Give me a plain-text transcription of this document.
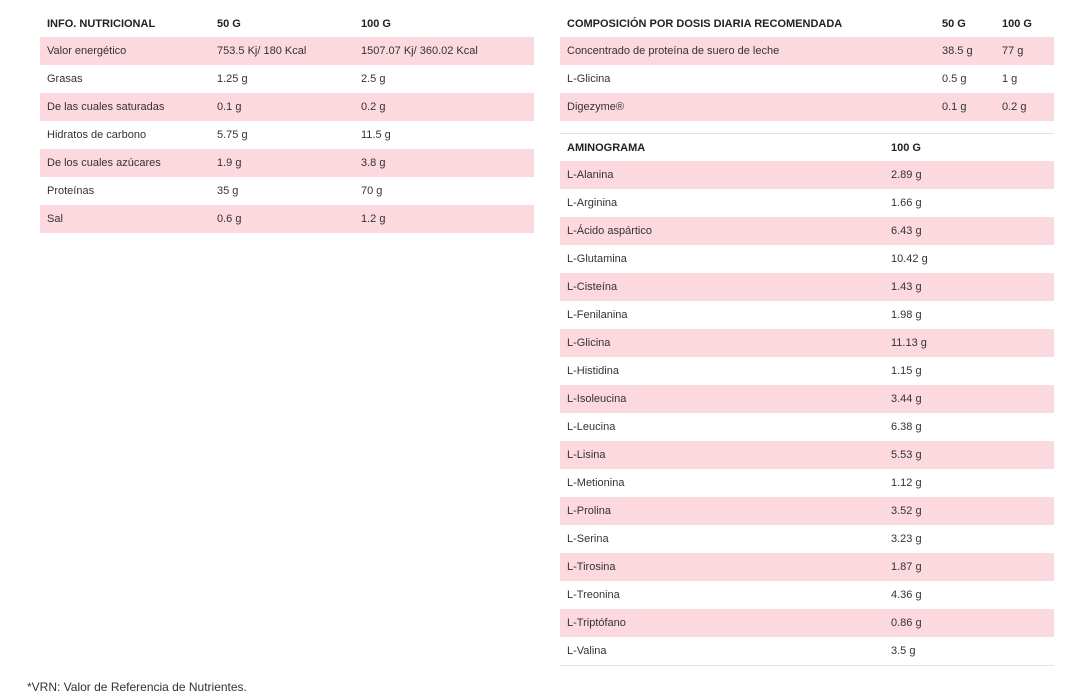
INFO. NUTRICIONAL	50 G	100 G
Valor energético	753.5 Kj/ 180 Kcal	1507.07 Kj/ 360.02 Kcal
Grasas	1.25 g	2.5 g
De las cuales saturadas	0.1 g	0.2 g
Hidratos de carbono	5.75 g	11.5 g
De los cuales azúcares	1.9 g	3.8 g
Proteínas	35 g	70 g
Sal	0.6 g	1.2 g
COMPOSICIÓN POR DOSIS DIARIA RECOMENDADA	50 G	100 G
Concentrado de proteína de suero de leche	38.5 g	77 g
L-Glicina	0.5 g	1 g
Digezyme®	0.1 g	0.2 g
AMINOGRAMA	100 G
L-Alanina	2.89 g
L-Arginina	1.66 g
L-Ácido aspártico	6.43 g
L-Glutamina	10.42 g
L-Cisteína	1.43 g
L-Fenilanina	1.98 g
L-Glicina	11.13 g
L-Histidina	1.15 g
L-Isoleucina	3.44 g
L-Leucina	6.38 g
L-Lisina	5.53 g
L-Metionina	1.12 g
L-Prolina	3.52 g
L-Serina	3.23 g
L-Tirosina	1.87 g
L-Treonina	4.36 g
L-Triptófano	0.86 g
L-Valina	3.5 g
*VRN: Valor de Referencia de Nutrientes.
